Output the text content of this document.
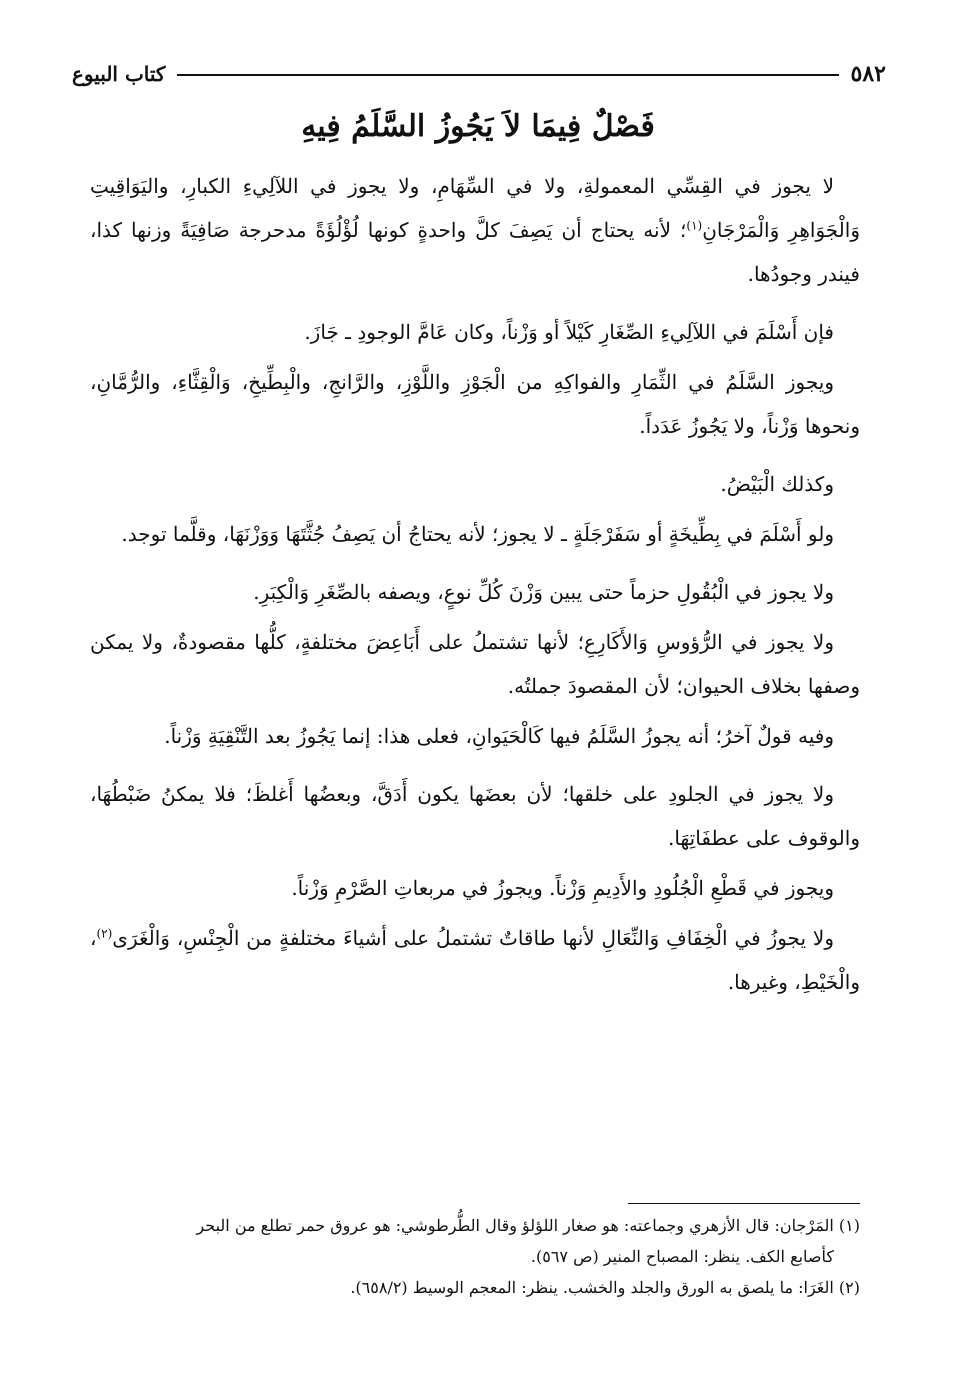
٥٨٢
كتاب البيوع
فَصْلٌ فِيمَا لاَ يَجُوزُ السَّلَمُ فِيهِ

لا يجوز في القِسِّي المعمولةِ، ولا في السِّهَامِ، ولا يجوز في اللآلِيءِ الكبارِ، واليَوَاقِيتِ وَالْجَوَاهِرِ وَالْمَرْجَانِ$^{(١)}$؛ لأنه يحتاج أن يَصِفَ كلَّ واحدةٍ كونها لُؤْلُؤَةً مدحرجة صَافِيَةً وزنها كذا، فيندر وجودُها.

فإن أَسْلَمَ في اللآلِيءِ الصِّغَارِ كَيْلاً أو وَزْناً، وكان عَامَّ الوجودِ ـ جَازَ.

ويجوز السَّلَمُ في الثِّمَارِ والفواكِهِ من الْجَوْزِ واللَّوْزِ، والرَّانجِ، والْبِطِّيخِ، وَالْقِثَّاءِ، والرُّمَّانِ، ونحوها وَزْناً، ولا يَجُوزُ عَدَداً.

وكذلك الْبَيْضُ.

ولو أَسْلَمَ في بِطِّيخَةٍ أو سَفَرْجَلَةٍ ـ لا يجوز؛ لأنه يحتاجُ أن يَصِفُ جُثَّتَهَا وَوَزْنَهَا، وقلَّما توجد.

ولا يجوز في الْبُقُولِ حزماً حتى يبين وَزْنَ كُلِّ نوعٍ، ويصفه بالصِّغَرِ وَالْكِبَرِ.

ولا يجوز في الرُّؤوسِ وَالأَكَارِعِ؛ لأنها تشتملُ على أَبَاعِضَ مختلفةٍ، كلُّها مقصودةٌ، ولا يمكن وصفها بخلاف الحيوان؛ لأن المقصودَ جملتُه.

وفيه قولٌ آخرُ؛ أنه يجوزُ السَّلَمُ فيها كَالْحَيَوانِ، فعلى هذا: إنما يَجُوزُ بعد التَّنْقِيَةِ وَزْناً.

ولا يجوز في الجلودِ على خلقها؛ لأن بعضَها يكون أَدَقَّ، وبعضُها أَغلظَ؛ فلا يمكنُ ضَبْطُهَا، والوقوف على عطفَاتِهَا.

ويجوز في قَطْعِ الْجُلُودِ والأَدِيمِ وَزْناً. ويجوزُ في مربعاتِ الصَّرْمِ وَزْناً.

ولا يجوزُ في الْخِفَافِ وَالنِّعَالِ لأنها طاقاتٌ تشتملُ على أشياءَ مختلفةٍ من الْجِنْسِ، وَالْغَرَى$^{(٢)}$، والْخَيْطِ، وغيرها.

(١) المَرْجان: قال الأزهري وجماعته: هو صغار اللؤلؤ وقال الطُّرطوشي: هو عروق حمر تطلع من البحر
كأصابع الكف. ينظر: المصباح المنير (ص ٥٦٧).

(٢) الغَرَا: ما يلصق به الورق والجلد والخشب. ينظر: المعجم الوسيط (٦٥٨/٢).
